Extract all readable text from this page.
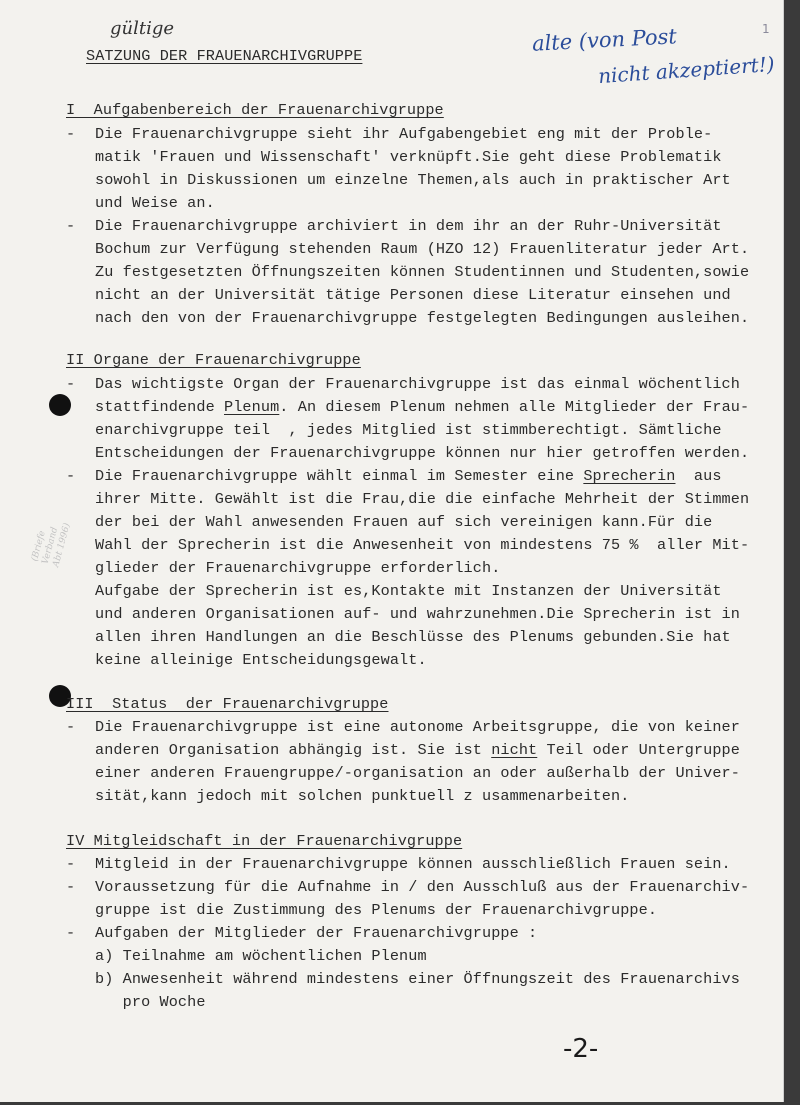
gültige	alte (von Post
nicht akzeptiert!)
(Briefe
Verband
Abt 1996)
1
SATZUNG DER FRAUENARCHIVGRUPPE
I  Aufgabenbereich der Frauenarchivgruppe
- Die Frauenarchivgruppe sieht ihr Aufgabengebiet eng mit der Proble-
matik 'Frauen und Wissenschaft' verknüpft.Sie geht diese Problematik
sowohl in Diskussionen um einzelne Themen,als auch in praktischer Art
und Weise an.
- Die Frauenarchivgruppe archiviert in dem ihr an der Ruhr-Universität
Bochum zur Verfügung stehenden Raum (HZO 12) Frauenliteratur jeder Art.
Zu festgesetzten Öffnungszeiten können Studentinnen und Studenten,sowie
nicht an der Universität tätige Personen diese Literatur einsehen und
nach den von der Frauenarchivgruppe festgelegten Bedingungen ausleihen.
II Organe der Frauenarchivgruppe
- Das wichtigste Organ der Frauenarchivgruppe ist das einmal wöchentlich
stattfindende Plenum. An diesem Plenum nehmen alle Mitglieder der Frau-
enarchivgruppe teil  , jedes Mitglied ist stimmberechtigt. Sämtliche
Entscheidungen der Frauenarchivgruppe können nur hier getroffen werden.
- Die Frauenarchivgruppe wählt einmal im Semester eine Sprecherin  aus
ihrer Mitte. Gewählt ist die Frau,die die einfache Mehrheit der Stimmen
der bei der Wahl anwesenden Frauen auf sich vereinigen kann.Für die
Wahl der Sprecherin ist die Anwesenheit von mindestens 75 %  aller Mit-
glieder der Frauenarchivgruppe erforderlich.
Aufgabe der Sprecherin ist es,Kontakte mit Instanzen der Universität
und anderen Organisationen auf- und wahrzunehmen.Die Sprecherin ist in
allen ihren Handlungen an die Beschlüsse des Plenums gebunden.Sie hat
keine alleinige Entscheidungsgewalt.
III  Status  der Frauenarchivgruppe
- Die Frauenarchivgruppe ist eine autonome Arbeitsgruppe, die von keiner
anderen Organisation abhängig ist. Sie ist nicht Teil oder Untergruppe
einer anderen Frauengruppe/-organisation an oder außerhalb der Univer-
sität,kann jedoch mit solchen punktuell z usammenarbeiten.
IV Mitgleidschaft in der Frauenarchivgruppe
- Mitgleid in der Frauenarchivgruppe können ausschließlich Frauen sein.
- Voraussetzung für die Aufnahme in / den Ausschluß aus der Frauenarchiv-
gruppe ist die Zustimmung des Plenums der Frauenarchivgruppe.
- Aufgaben der Mitglieder der Frauenarchivgruppe :
a) Teilnahme am wöchentlichen Plenum
b) Anwesenheit während mindestens einer Öffnungszeit des Frauenarchivs
pro Woche
-2-
